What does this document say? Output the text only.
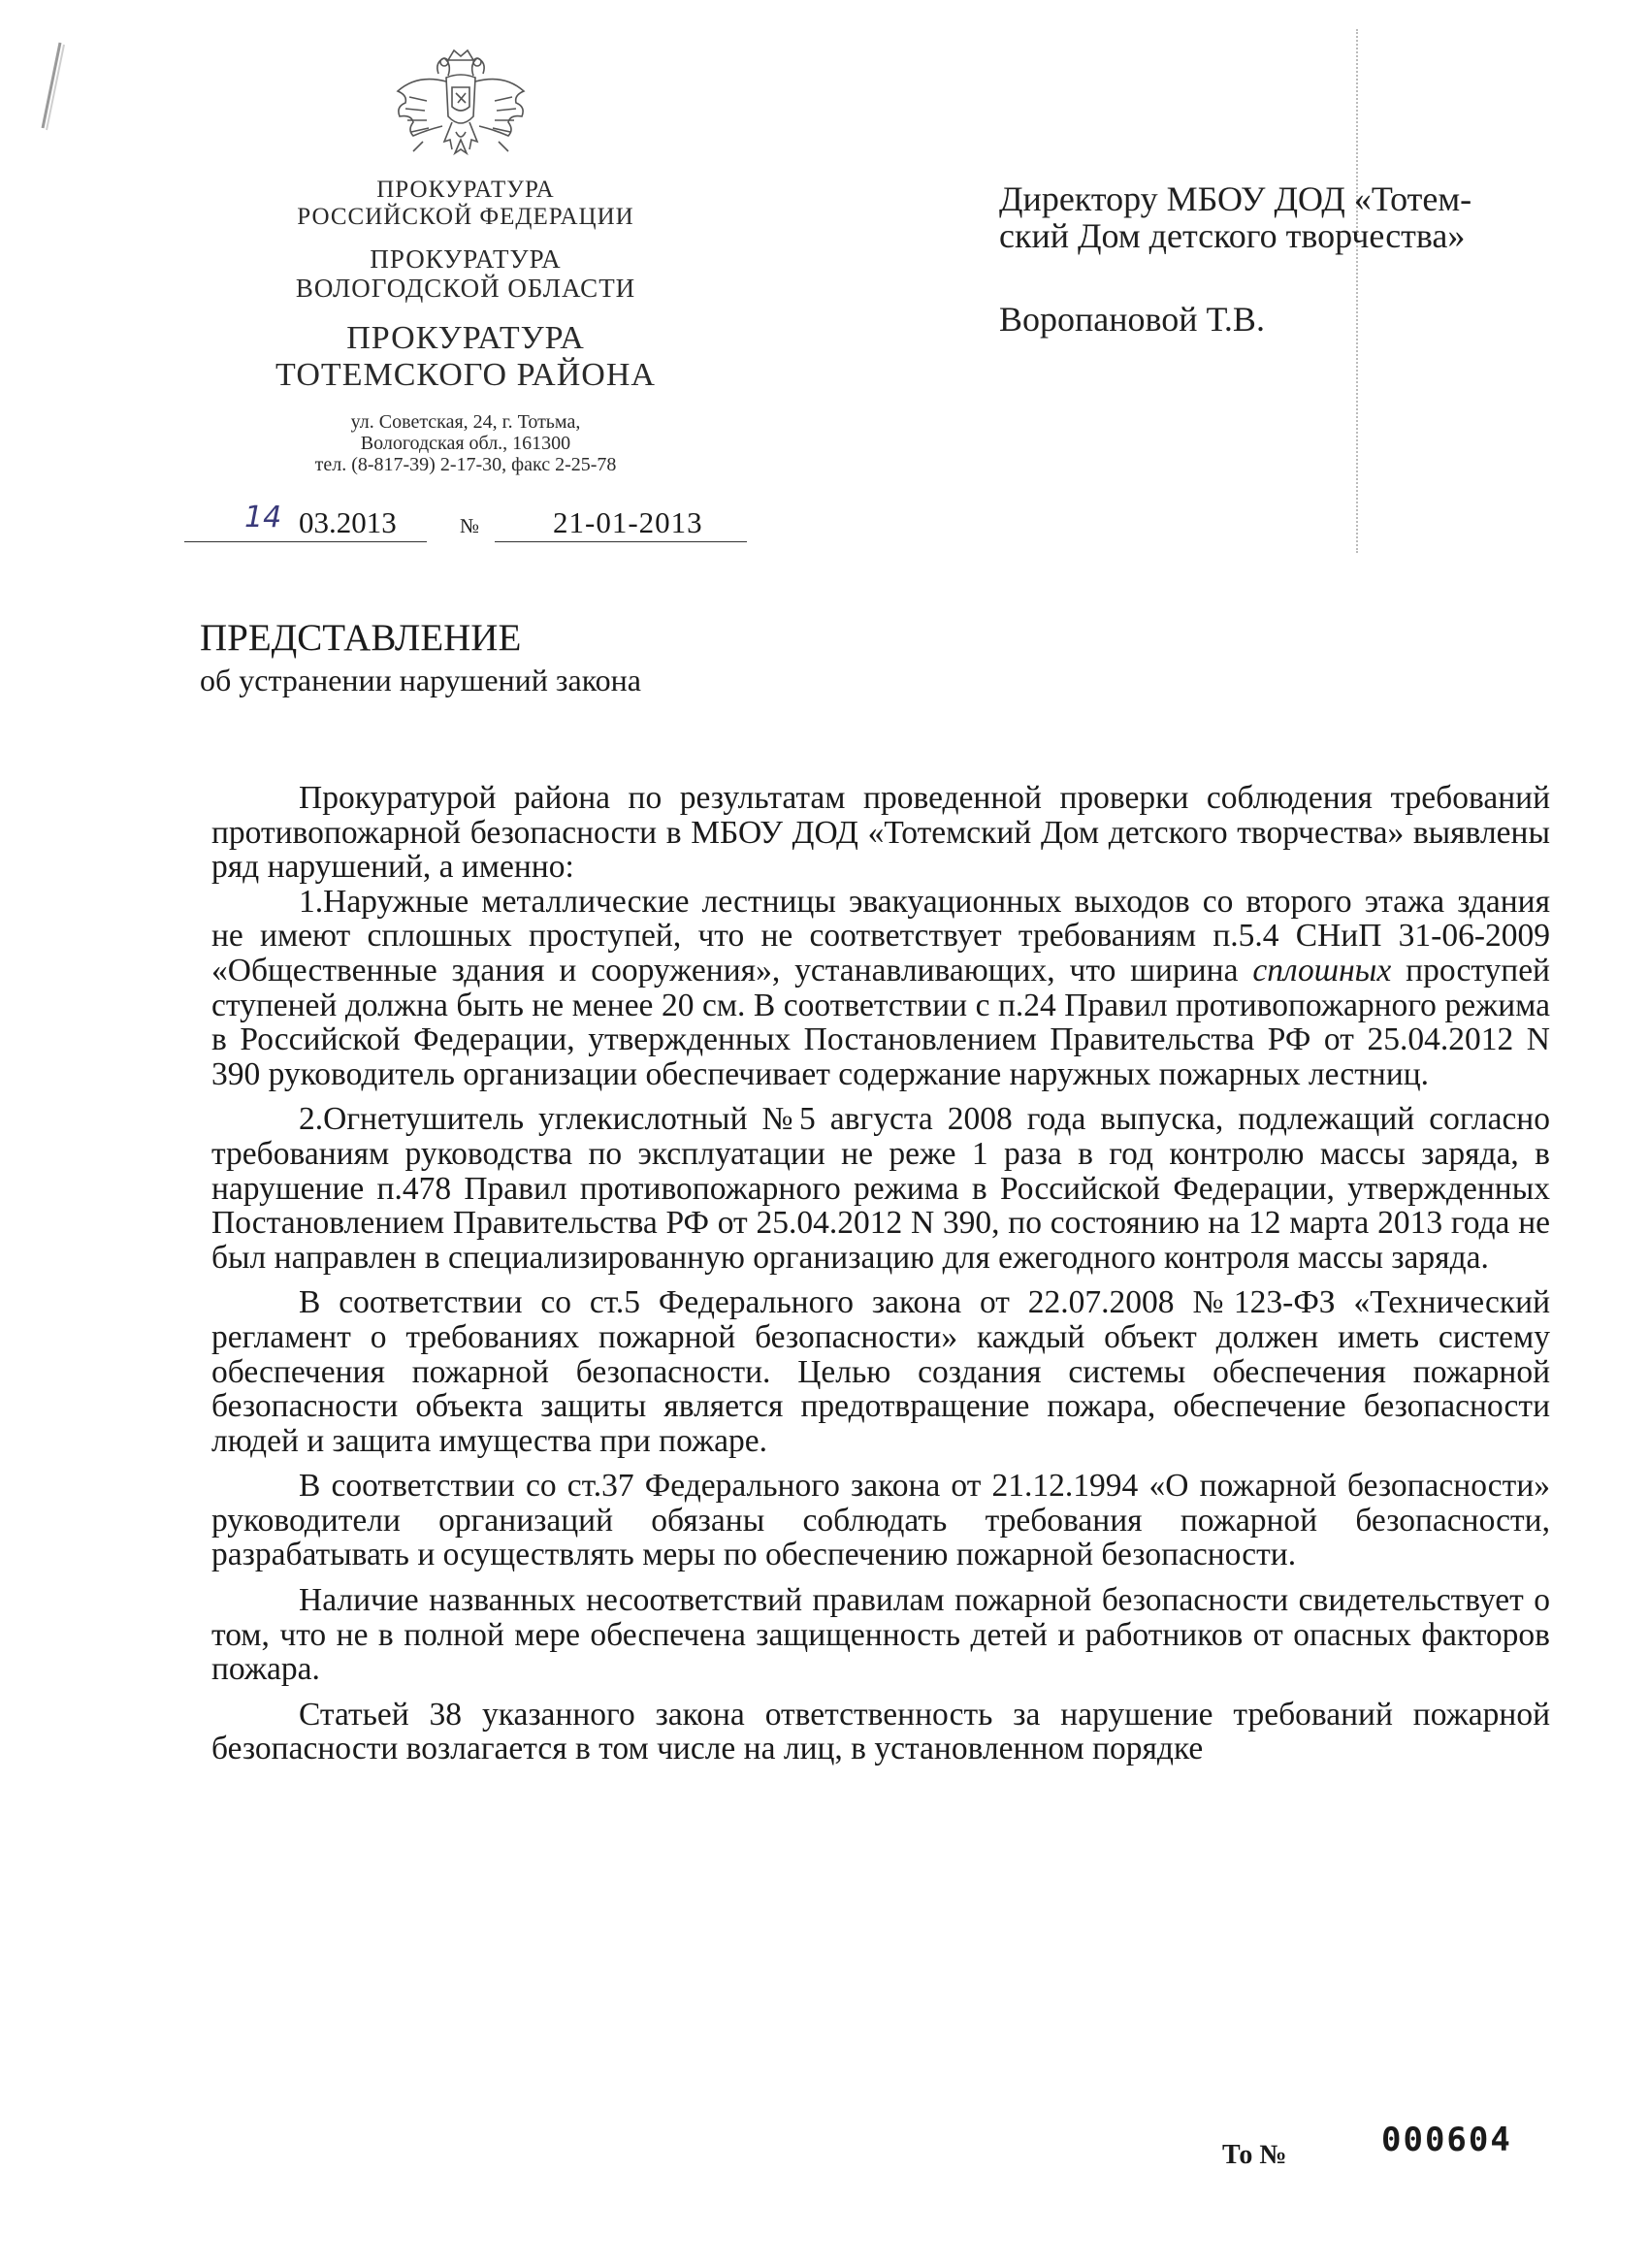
ПРОКУРАТУРА
РОССИЙСКОЙ ФЕДЕРАЦИИ
ПРОКУРАТУРА
ВОЛОГОДСКОЙ ОБЛАСТИ
ПРОКУРАТУРА
ТОТЕМСКОГО РАЙОНА
ул. Советская, 24, г. Тотьма,
Вологодская обл., 161300
тел. (8-817-39) 2-17-30, факс 2-25-78
14 03.2013	№ 21-01-2013
Директору МБОУ ДОД «Тотем-
ский Дом детского творчества»
Воропановой Т.В.
ПРЕДСТАВЛЕНИЕ
об устранении нарушений закона

Прокуратурой района по результатам проведенной проверки соблюдения требований противопожарной безопасности в МБОУ ДОД «Тотемский Дом детского творчества» выявлены ряд нарушений, а именно:

1.Наружные металлические лестницы эвакуационных выходов со второго этажа здания не имеют сплошных проступей, что не соответствует требованиям п.5.4 СНиП 31-06-2009 «Общественные здания и сооружения», устанавливающих, что ширина сплошных проступей ступеней должна быть не менее 20 см. В соответствии с п.24 Правил противопожарного режима в Российской Федерации, утвержденных Постановлением Правительства РФ от 25.04.2012 N 390 руководитель организации обеспечивает содержание наружных пожарных лестниц.

2.Огнетушитель углекислотный №5 августа 2008 года выпуска, подлежащий согласно требованиям руководства по эксплуатации не реже 1 раза в год контролю массы заряда, в нарушение п.478 Правил противопожарного режима в Российской Федерации, утвержденных Постановлением Правительства РФ от 25.04.2012 N 390, по состоянию на 12 марта 2013 года не был направлен в специализированную организацию для ежегодного контроля массы заряда.

В соответствии со ст.5 Федерального закона от 22.07.2008 №123-ФЗ «Технический регламент о требованиях пожарной безопасности» каждый объект должен иметь систему обеспечения пожарной безопасности. Целью создания системы обеспечения пожарной безопасности объекта защиты является предотвращение пожара, обеспечение безопасности людей и защита имущества при пожаре.

В соответствии со ст.37 Федерального закона от 21.12.1994 «О пожарной безопасности» руководители организаций обязаны соблюдать требования пожарной безопасности, разрабатывать и осуществлять меры по обеспечению пожарной безопасности.

Наличие названных несоответствий правилам пожарной безопасности свидетельствует о том, что не в полной мере обеспечена защищенность детей и работников от опасных факторов пожара.

Статьей 38 указанного закона ответственность за нарушение требований пожарной безопасности возлагается в том числе на лиц, в установленном порядке

То №	000604
